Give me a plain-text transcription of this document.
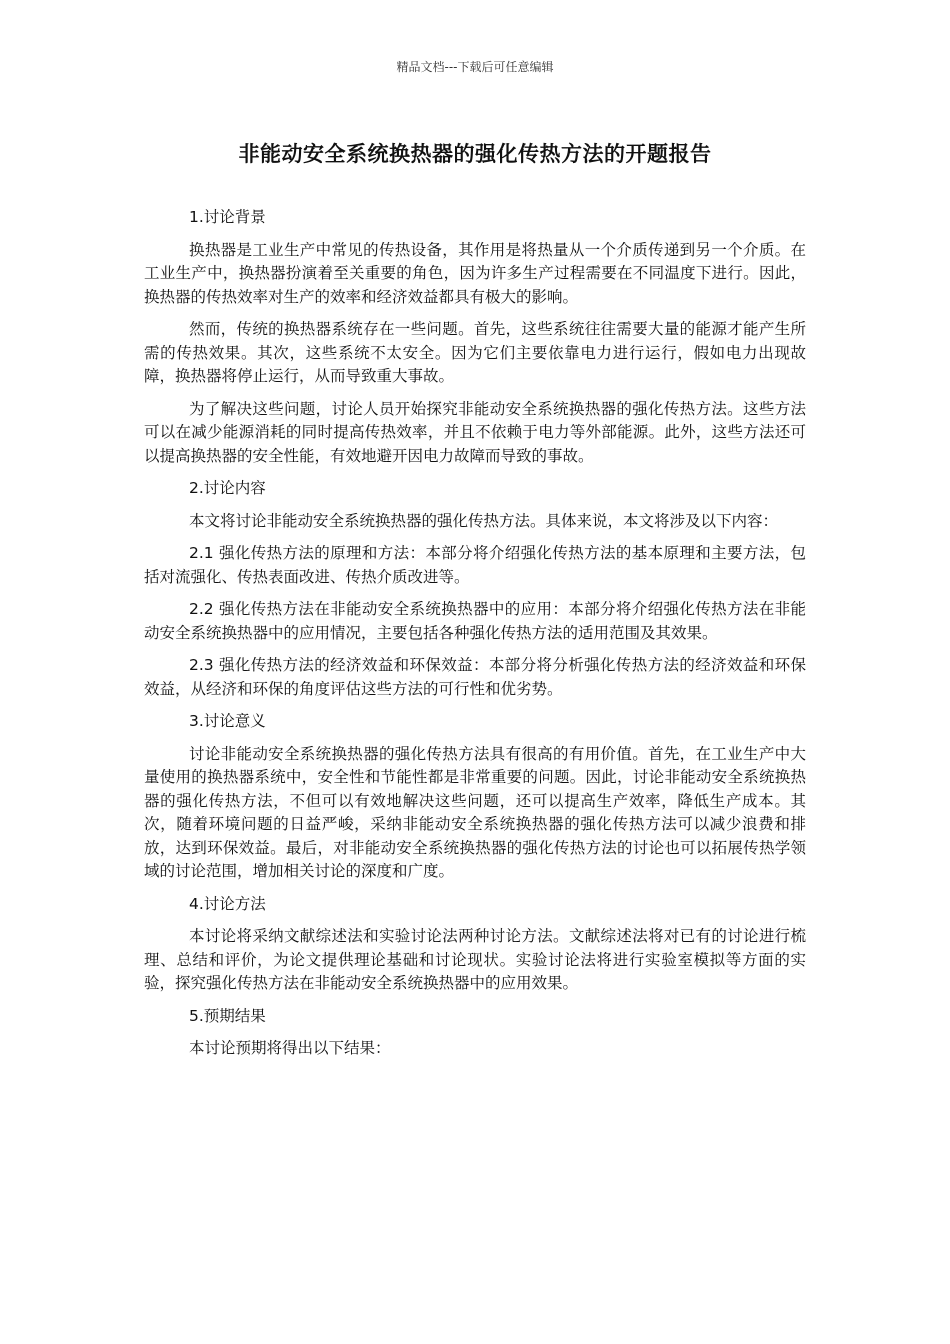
精品文档---下载后可任意编辑
非能动安全系统换热器的强化传热方法的开题报告

1.讨论背景

换热器是工业生产中常见的传热设备，其作用是将热量从一个介质传递到另一个介质。在工业生产中，换热器扮演着至关重要的角色，因为许多生产过程需要在不同温度下进行。因此，换热器的传热效率对生产的效率和经济效益都具有极大的影响。

然而，传统的换热器系统存在一些问题。首先，这些系统往往需要大量的能源才能产生所需的传热效果。其次，这些系统不太安全。因为它们主要依靠电力进行运行，假如电力出现故障，换热器将停止运行，从而导致重大事故。

为了解决这些问题，讨论人员开始探究非能动安全系统换热器的强化传热方法。这些方法可以在减少能源消耗的同时提高传热效率，并且不依赖于电力等外部能源。此外，这些方法还可以提高换热器的安全性能，有效地避开因电力故障而导致的事故。

2.讨论内容

本文将讨论非能动安全系统换热器的强化传热方法。具体来说，本文将涉及以下内容：

2.1 强化传热方法的原理和方法：本部分将介绍强化传热方法的基本原理和主要方法，包括对流强化、传热表面改进、传热介质改进等。

2.2 强化传热方法在非能动安全系统换热器中的应用：本部分将介绍强化传热方法在非能动安全系统换热器中的应用情况，主要包括各种强化传热方法的适用范围及其效果。

2.3 强化传热方法的经济效益和环保效益：本部分将分析强化传热方法的经济效益和环保效益，从经济和环保的角度评估这些方法的可行性和优劣势。

3.讨论意义

讨论非能动安全系统换热器的强化传热方法具有很高的有用价值。首先，在工业生产中大量使用的换热器系统中，安全性和节能性都是非常重要的问题。因此，讨论非能动安全系统换热器的强化传热方法，不但可以有效地解决这些问题，还可以提高生产效率，降低生产成本。其次，随着环境问题的日益严峻，采纳非能动安全系统换热器的强化传热方法可以减少浪费和排放，达到环保效益。最后，对非能动安全系统换热器的强化传热方法的讨论也可以拓展传热学领域的讨论范围，增加相关讨论的深度和广度。

4.讨论方法

本讨论将采纳文献综述法和实验讨论法两种讨论方法。文献综述法将对已有的讨论进行梳理、总结和评价，为论文提供理论基础和讨论现状。实验讨论法将进行实验室模拟等方面的实验，探究强化传热方法在非能动安全系统换热器中的应用效果。

5.预期结果

本讨论预期将得出以下结果：
